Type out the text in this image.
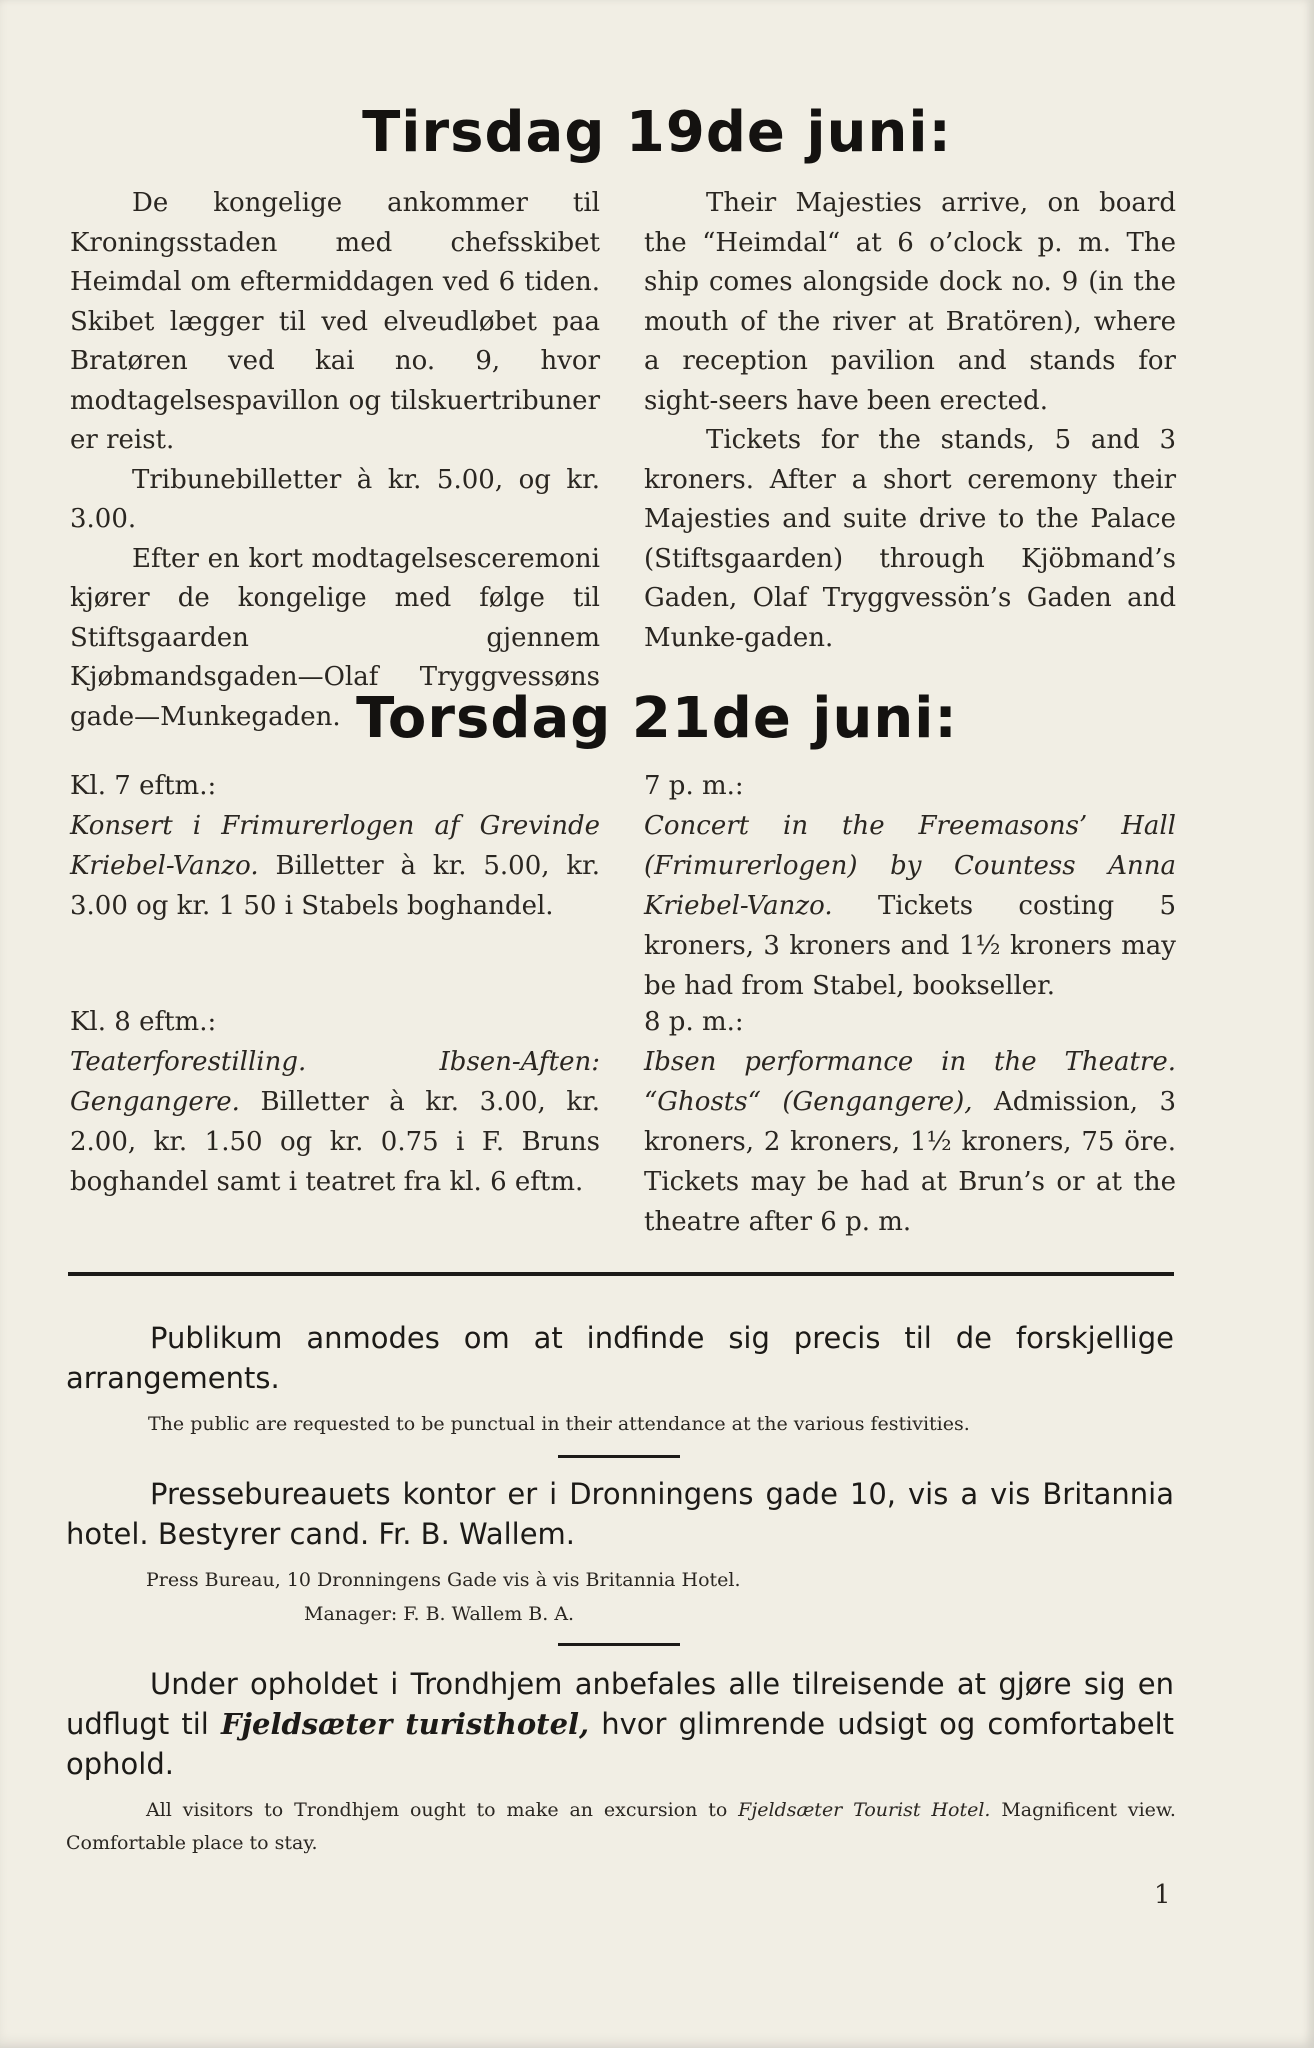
Tirsdag 19de juni:

De kongelige ankommer til Kroningsstaden med chefsskibet Heimdal om eftermiddagen ved 6 tiden. Skibet lægger til ved elveudløbet paa Bratøren ved kai no. 9, hvor modtagelsespavillon og tilskuertribuner er reist.

Tribunebilletter à kr. 5.00, og kr. 3.00.

Efter en kort modtagelsesceremoni kjører de kongelige med følge til Stiftsgaarden gjennem Kjøbmandsgaden—Olaf Tryggvessøns gade—Munkegaden.

Their Majesties arrive, on board the “Heimdal“ at 6 o’clock p. m. The ship comes alongside dock no. 9 (in the mouth of the river at Bratören), where a reception pavilion and stands for sight-seers have been erected.

Tickets for the stands, 5 and 3 kroners. After a short ceremony their Majesties and suite drive to the Palace (Stiftsgaarden) through Kjöbmand’s Gaden, Olaf Tryggvessön’s Gaden and Munke-gaden.

Torsdag 21de juni:

Kl. 7 eftm.:

Konsert i Frimurerlogen af Grevinde Kriebel-Vanzo. Billetter à kr. 5.00, kr. 3.00 og kr. 1 50 i Stabels boghandel.

Kl. 8 eftm.:

Teaterforestilling. Ibsen-Aften: Gengangere. Billetter à kr. 3.00, kr. 2.00, kr. 1.50 og kr. 0.75 i F. Bruns boghandel samt i teatret fra kl. 6 eftm.

7 p. m.:

Concert in the Freemasons’ Hall (Frimurerlogen) by Countess Anna Kriebel-Vanzo. Tickets costing 5 kroners, 3 kroners and 1½ kroners may be had from Stabel, bookseller.

8 p. m.:

Ibsen performance in the Theatre. “Ghosts“ (Gengangere), Admission, 3 kroners, 2 kroners, 1½ kroners, 75 öre. Tickets may be had at Brun’s or at the theatre after 6 p. m.

Publikum anmodes om at indfinde sig precis til de forskjellige arrangements.

The public are requested to be punctual in their attendance at the various festivities.

Pressebureauets kontor er i Dronningens gade 10, vis a vis Britannia hotel. Bestyrer cand. Fr. B. Wallem.

Press Bureau, 10 Dronningens Gade vis à vis Britannia Hotel.
Manager: F. B. Wallem B. A.

Under opholdet i Trondhjem anbefales alle tilreisende at gjøre sig en udflugt til Fjeldsæter turisthotel, hvor glimrende udsigt og comfortabelt ophold.

All visitors to Trondhjem ought to make an excursion to Fjeldsæter Tourist Hotel. Magnificent view. Comfortable place to stay.
1
